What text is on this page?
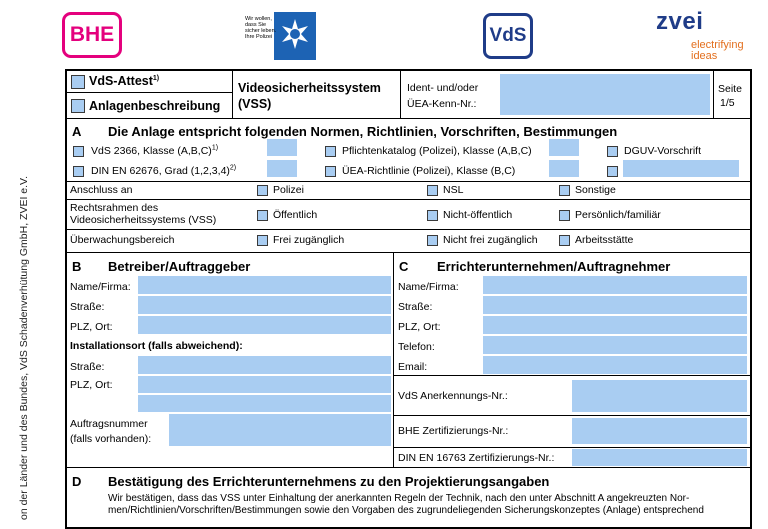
BHE
Wir wollen, dass Sie sicher leben. Ihre Polizei	VdS
zvei
electrifying
ideas
on der Länder und des Bundes, VdS Schadenverhütung GmbH, ZVEI e.V.
VdS-Attest$^{1)}$
Anlagenbeschreibung
Videosicherheitssystem
(VSS)
Ident- und/oder
ÜEA-Kenn-Nr.:
Seite
1/5
A Die Anlage entspricht folgenden Normen, Richtlinien, Vorschriften, Bestimmungen
VdS 2366, Klasse $(A,B,C)^{1)}$	Pflichtenkatalog (Polizei), Klasse (A,B,C)	DGUV-Vorschrift
DIN EN 62676, Grad $(1,2,3,4)^{2)}$	ÜEA-Richtlinie (Polizei), Klasse (B,C)
Anschluss an	Polizei	NSL	Sonstige
Rechtsrahmen des
Videosicherheitssystems (VSS)	Öffentlich	Nicht-öffentlich	Persönlich/familiär
Überwachungsbereich	Frei zugänglich	Nicht frei zugänglich	Arbeitsstätte
B Betreiber/Auftraggeber
Name/Firma:
Straße:
PLZ, Ort:
Installationsort (falls abweichend):
Straße:
PLZ, Ort:
Auftragsnummer
(falls vorhanden):
C Errichterunternehmen/Auftragnehmer
Name/Firma:
Straße:
PLZ, Ort:
Telefon:
Email:
VdS Anerkennungs-Nr.:
BHE Zertifizierungs-Nr.:
DIN EN 16763 Zertifizierungs-Nr.:
D Bestätigung des Errichterunternehmens zu den Projektierungsangaben
Wir bestätigen, dass das VSS unter Einhaltung der anerkannten Regeln der Technik, nach den unter Abschnitt A angekreuzten Nor-
men/Richtlinien/Vorschriften/Bestimmungen sowie den Vorgaben des zugrundeliegenden Sicherungskonzeptes (Anlage) entsprechend
